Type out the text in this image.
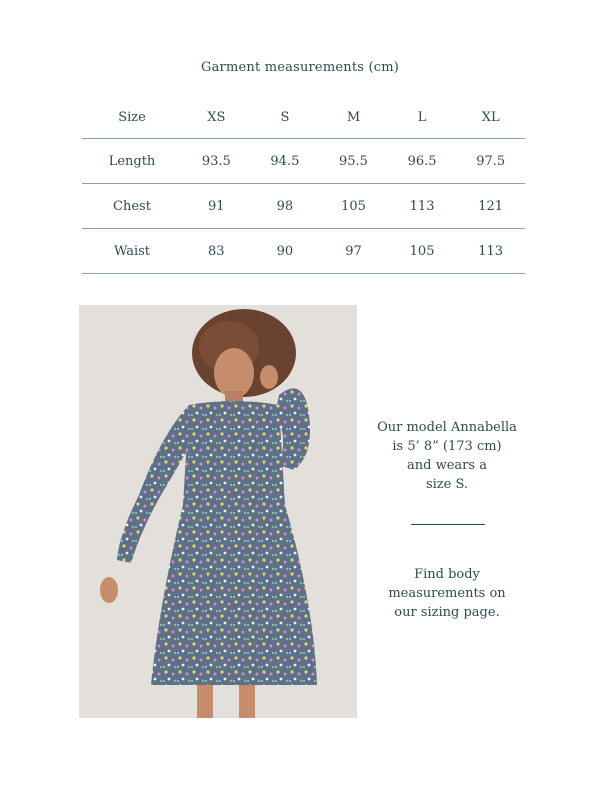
Garment measurements (cm)
Size	XS	S	M	L	XL
Length	93.5	94.5	95.5	96.5	97.5
Chest	91	98	105	113	121
Waist	83	90	97	105	113

Our model Annabella

is 5’ 8” (173 cm)

and wears a

size S.

Find body

measurements on

our sizing page.
